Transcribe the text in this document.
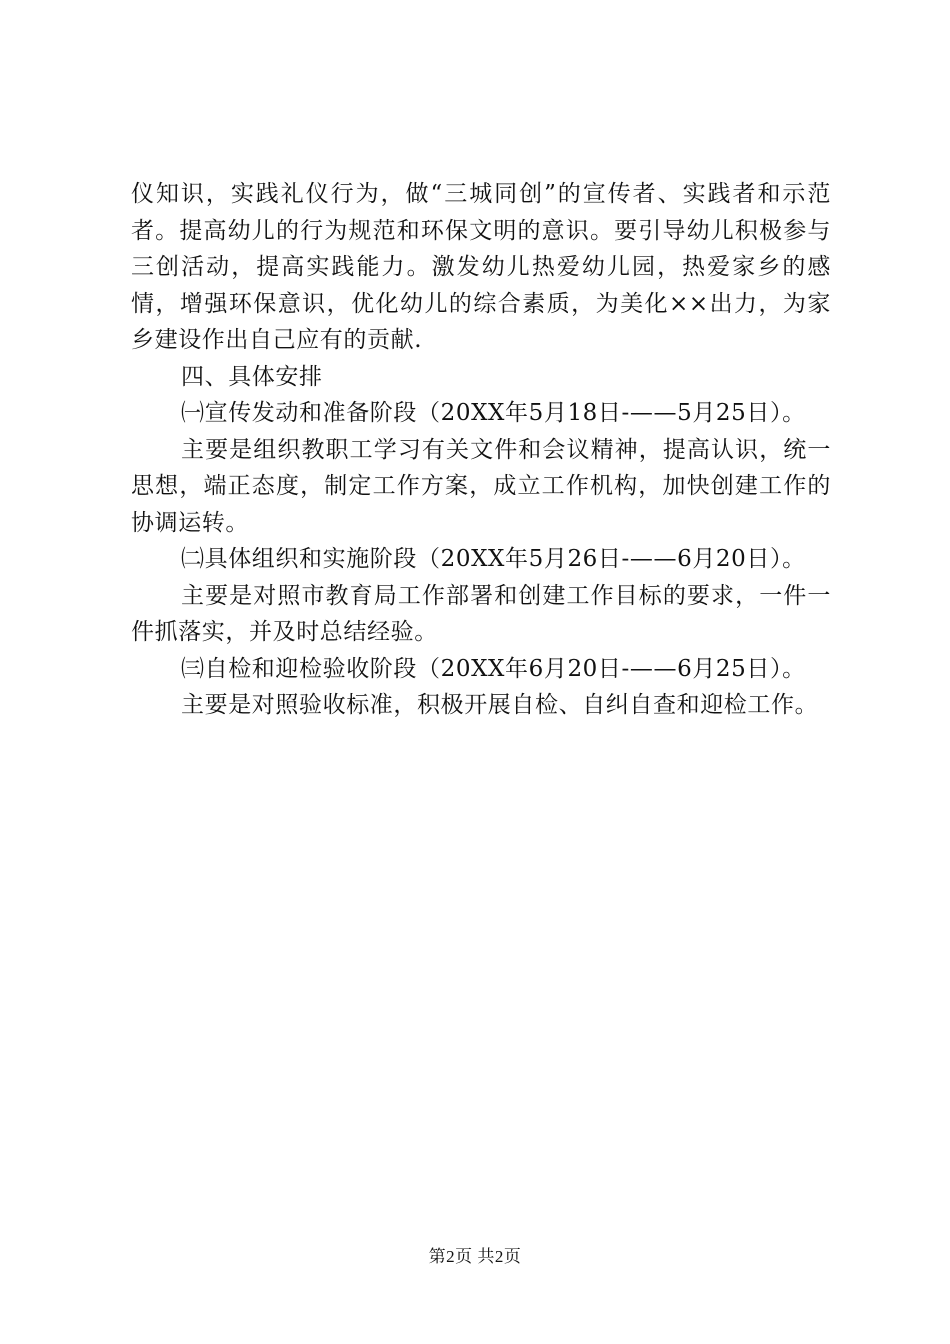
仪知识，实践礼仪行为，做“三城同创”的宣传者、实践者和示范者。提高幼儿的行为规范和环保文明的意识。要引导幼儿积极参与三创活动，提高实践能力。激发幼儿热爱幼儿园，热爱家乡的感情，增强环保意识，优化幼儿的综合素质，为美化××出力，为家乡建设作出自己应有的贡献.

四、具体安排

㈠宣传发动和准备阶段（20XX年5月18日-——5月25日）。

主要是组织教职工学习有关文件和会议精神，提高认识，统一思想，端正态度，制定工作方案，成立工作机构，加快创建工作的协调运转。

㈡具体组织和实施阶段（20XX年5月26日-——6月20日）。

主要是对照市教育局工作部署和创建工作目标的要求，一件一件抓落实，并及时总结经验。

㈢自检和迎检验收阶段（20XX年6月20日-——6月25日）。

主要是对照验收标准，积极开展自检、自纠自查和迎检工作。

第2页 共2页
